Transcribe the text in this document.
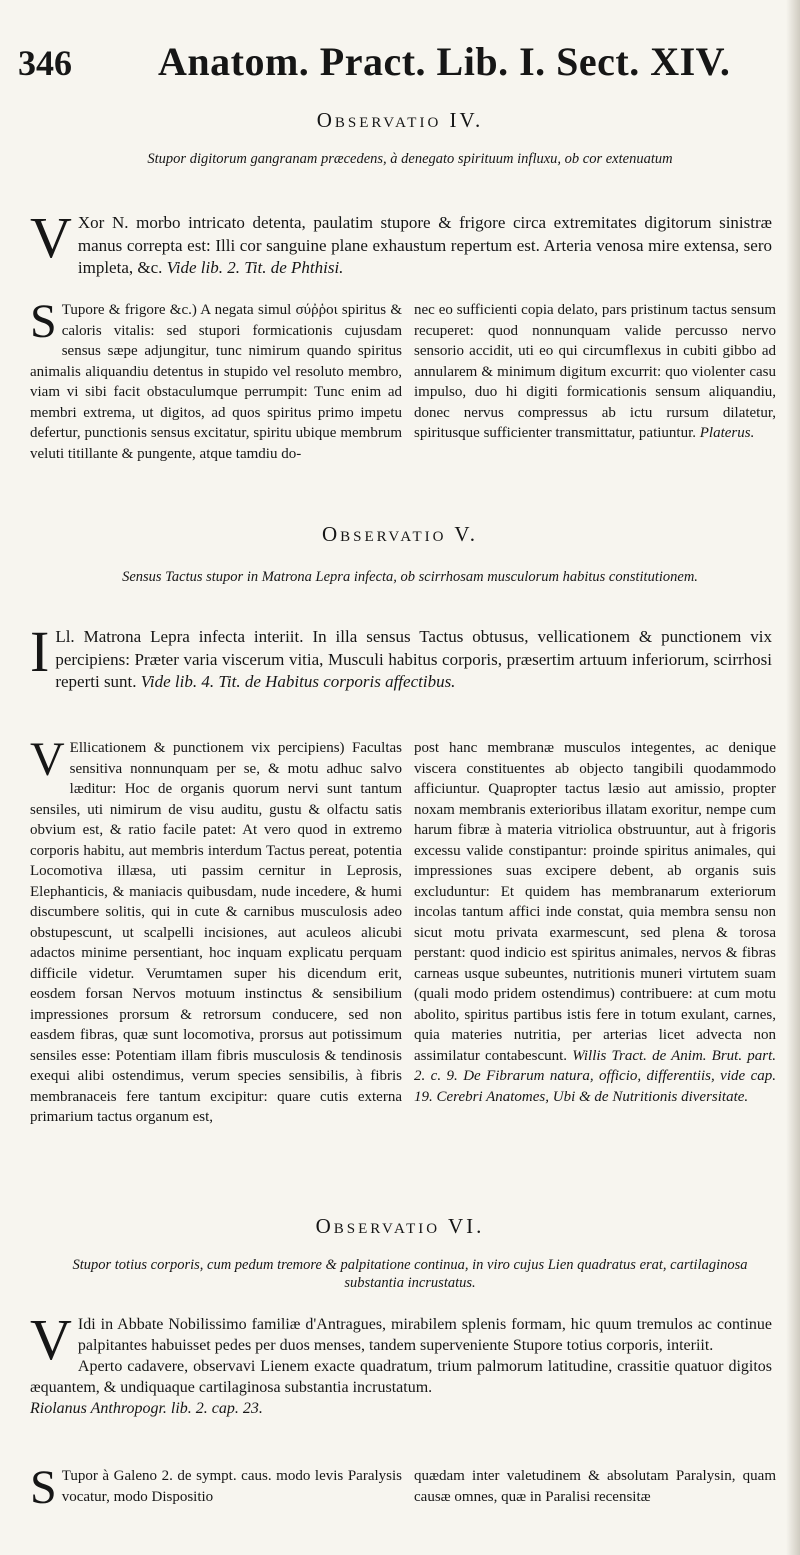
346 Anatom. Pract. Lib. I. Sect. XIV.
Observatio IV.
Stupor digitorum gangranam præcedens, à denegato spirituum influxu, ob cor extenuatum
V Xor N. morbo intricato detenta, paulatim stupore & frigore circa extremitates digitorum sinistræ manus correpta est: Illi cor sanguine plane exhaustum repertum est. Arteria venosa mire extensa, sero impleta, &c. Vide lib. 2. Tit. de Phthisi.
S Tupore & frigore &c.) A negata simul σύῤῥοι spiritus & caloris vitalis: sed stupori formicationis cujusdam sensus sæpe adjungitur, tunc nimirum quando spiritus animalis aliquandiu detentus in stupido vel resoluto membro, viam vi sibi facit obstaculumque perrumpit: Tunc enim ad membri extrema, ut digitos, ad quos spiritus primo impetu defertur, punctionis sensus excitatur, spiritu ubique membrum veluti titillante & pungente, atque tamdiu do-
nec eo sufficienti copia delato, pars pristinum tactus sensum recuperet: quod nonnunquam valide percusso nervo sensorio accidit, uti eo qui circumflexus in cubiti gibbo ad annularem & minimum digitum excurrit: quo violenter casu impulso, duo hi digiti formicationis sensum aliquandiu, donec nervus compressus ab ictu rursum dilatetur, spiritusque sufficienter transmittatur, patiuntur. Platerus.
Observatio V.
Sensus Tactus stupor in Matrona Lepra infecta, ob scirrhosam musculorum habitus constitutionem.
I Ll. Matrona Lepra infecta interiit. In illa sensus Tactus obtusus, vellicationem & punctionem vix percipiens: Præter varia viscerum vitia, Musculi habitus corporis, præsertim artuum inferiorum, scirrhosi reperti sunt. Vide lib. 4. Tit. de Habitus corporis affectibus.
V Ellicationem & punctionem vix percipiens) Facultas sensitiva nonnunquam per se, & motu adhuc salvo læditur: Hoc de organis quorum nervi sunt tantum sensiles, uti nimirum de visu auditu, gustu & olfactu satis obvium est, & ratio facile patet: At vero quod in extremo corporis habitu, aut membris interdum Tactus pereat, potentia Locomotiva illæsa, uti passim cernitur in Leprosis, Elephanticis, & maniacis quibusdam, nude incedere, & humi discumbere solitis, qui in cute & carnibus musculosis adeo obstupescunt, ut scalpelli incisiones, aut aculeos alicubi adactos minime persentiant, hoc inquam explicatu perquam difficile videtur. Verumtamen super his dicendum erit, eosdem forsan Nervos motuum instinctus & sensibilium impressiones prorsum & retrorsum conducere, sed non easdem fibras, quæ sunt locomotiva, prorsus aut potissimum sensiles esse: Potentiam illam fibris musculosis & tendinosis exequi alibi ostendimus, verum species sensibilis, à fibris membranaceis fere tantum excipitur: quare cutis externa primarium tactus organum est,
post hanc membranæ musculos integentes, ac denique viscera constituentes ab objecto tangibili quodammodo afficiuntur. Quapropter tactus læsio aut amissio, propter noxam membranis exterioribus illatam exoritur, nempe cum harum fibræ à materia vitriolica obstruuntur, aut à frigoris excessu valide constipantur: proinde spiritus animales, qui impressiones suas excipere debent, ab organis suis excluduntur: Et quidem has membranarum exteriorum incolas tantum affici inde constat, quia membra sensu non sicut motu privata exarmescunt, sed plena & torosa perstant: quod indicio est spiritus animales, nervos & fibras carneas usque subeuntes, nutritionis muneri virtutem suam (quali modo pridem ostendimus) contribuere: at cum motu abolito, spiritus partibus istis fere in totum exulant, carnes, quia materies nutritia, per arterias licet advecta non assimilatur contabescunt. Willis Tract. de Anim. Brut. part. 2. c. 9. De Fibrarum natura, officio, differentiis, vide cap. 19. Cerebri Anatomes, Ubi & de Nutritionis diversitate.
Observatio VI.
Stupor totius corporis, cum pedum tremore & palpitatione continua, in viro cujus Lien quadratus erat, cartilaginosa substantia incrustatus.
V Idi in Abbate Nobilissimo familiæ d'Antragues, mirabilem splenis formam, hic quum tremulos ac continue palpitantes habuisset pedes per duos menses, tandem superveniente Stupore totius corporis, interiit.
Aperto cadavere, observavi Lienem exacte quadratum, trium palmorum latitudine, crassitie quatuor digitos æquantem, & undiquaque cartilaginosa substantia incrustatum.
Riolanus Anthropogr. lib. 2. cap. 23.
S Tupor à Galeno 2. de sympt. caus. modo levis Paralysis vocatur, modo Dispositio
quædam inter valetudinem & absolutam Paralysin, quam causæ omnes, quæ in Paralisi recensitæ
